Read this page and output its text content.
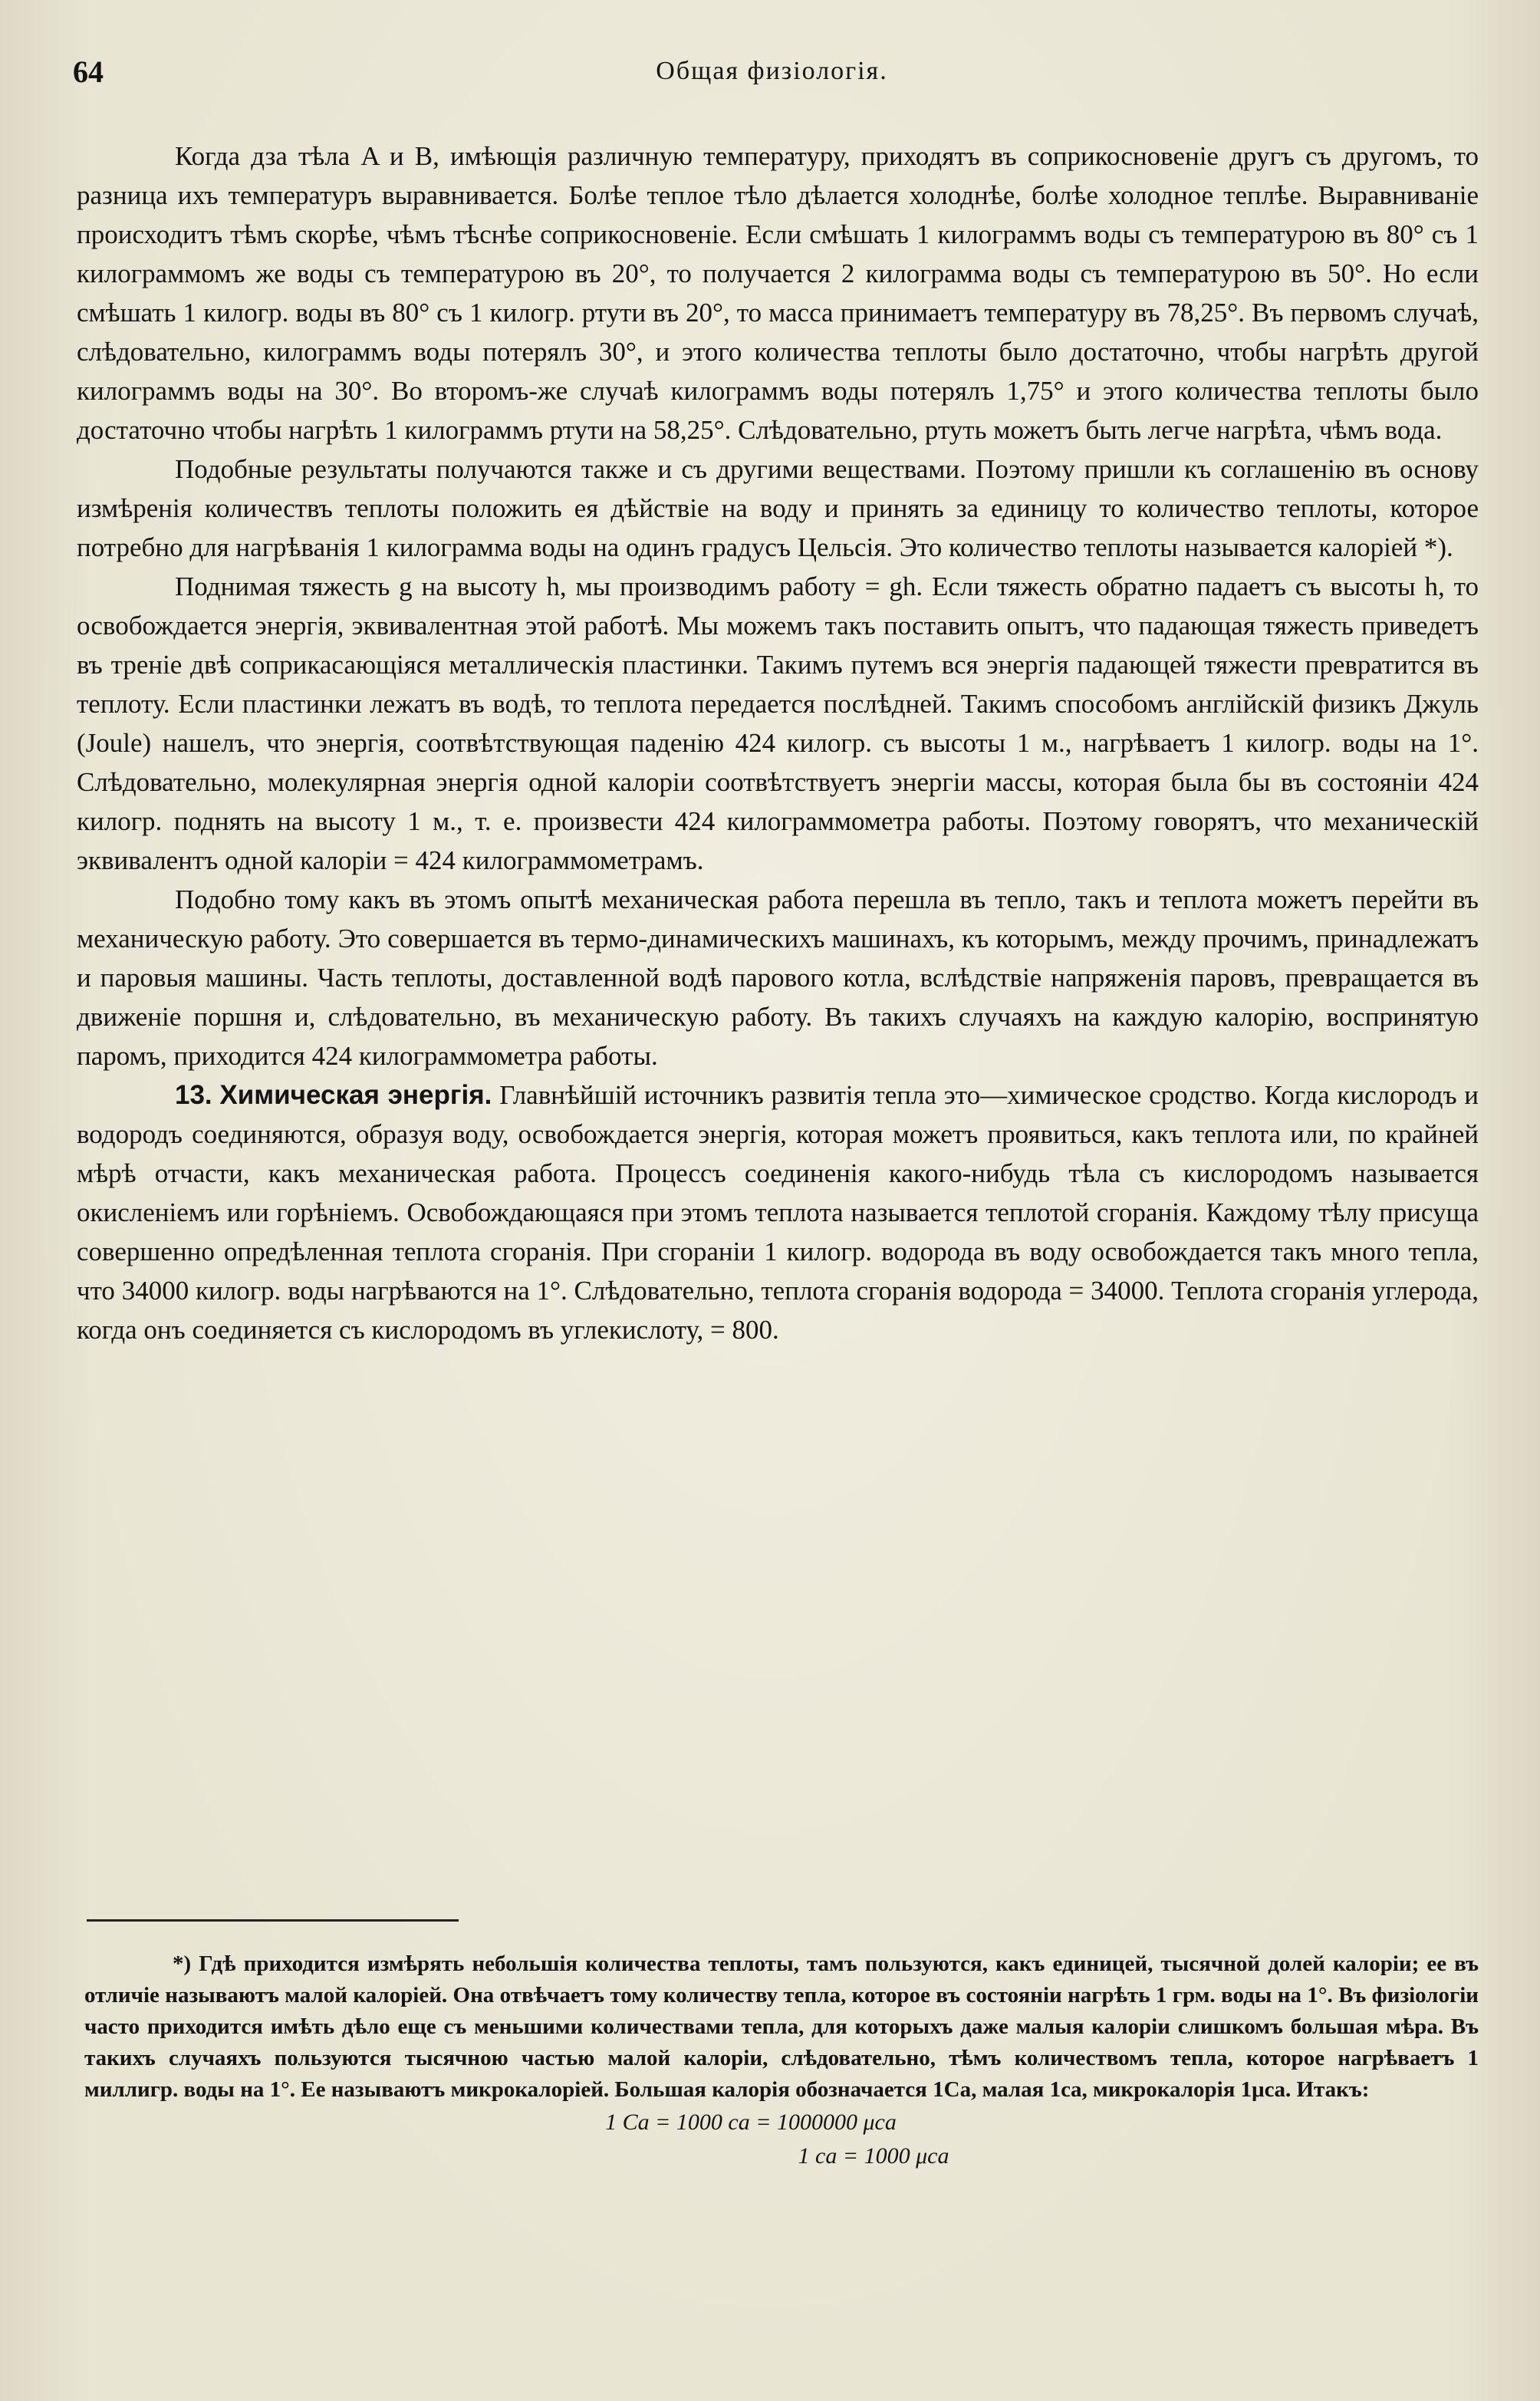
64	Общая физіологія.

Когда дза тѣла A и B, имѣющія различную температуру, приходятъ въ соприкосновеніе другъ съ другомъ, то разница ихъ температуръ выравнивается. Болѣе теплое тѣло дѣлается холоднѣе, болѣе холодное теплѣе. Выравниваніе происходитъ тѣмъ скорѣе, чѣмъ тѣснѣе соприкосновеніе. Если смѣшать 1 килограммъ воды съ температурою въ 80° съ 1 килограммомъ же воды съ температурою въ 20°, то получается 2 килограмма воды съ температурою въ 50°. Но если смѣшать 1 килогр. воды въ 80° съ 1 килогр. ртути въ 20°, то масса принимаетъ температуру въ 78,25°. Въ первомъ случаѣ, слѣдовательно, килограммъ воды потерялъ 30°, и этого количества теплоты было достаточно, чтобы нагрѣть другой килограммъ воды на 30°. Во второмъ-же случаѣ килограммъ воды потерялъ 1,75° и этого количества теплоты было достаточно чтобы нагрѣть 1 килограммъ ртути на 58,25°. Слѣдовательно, ртуть можетъ быть легче нагрѣта, чѣмъ вода.

Подобные результаты получаются также и съ другими веществами. Поэтому пришли къ соглашенію въ основу измѣренія количествъ теплоты положить ея дѣйствіе на воду и принять за единицу то количество теплоты, которое потребно для нагрѣванія 1 килограмма воды на одинъ градусъ Цельсія. Это количество теплоты называется калоріей *).

Поднимая тяжесть g на высоту h, мы производимъ работу = gh. Если тяжесть обратно падаетъ съ высоты h, то освобождается энергія, эквивалентная этой работѣ. Мы можемъ такъ поставить опытъ, что падающая тяжесть приведетъ въ треніе двѣ соприкасающіяся металлическія пластинки. Такимъ путемъ вся энергія падающей тяжести превратится въ теплоту. Если пластинки лежатъ въ водѣ, то теплота передается послѣдней. Такимъ способомъ англійскій физикъ Джуль (Joule) нашелъ, что энергія, соотвѣтствующая паденію 424 килогр. съ высоты 1 м., нагрѣваетъ 1 килогр. воды на 1°. Слѣдовательно, молекулярная энергія одной калоріи соотвѣтствуетъ энергіи массы, которая была бы въ состояніи 424 килогр. поднять на высоту 1 м., т. е. произвести 424 килограммометра работы. Поэтому говорятъ, что механическій эквивалентъ одной калоріи = 424 килограммометрамъ.

Подобно тому какъ въ этомъ опытѣ механическая работа перешла въ тепло, такъ и теплота можетъ перейти въ механическую работу. Это совершается въ термо-динамическихъ машинахъ, къ которымъ, между прочимъ, принадлежатъ и паровыя машины. Часть теплоты, доставленной водѣ парового котла, вслѣдствіе напряженія паровъ, превращается въ движеніе поршня и, слѣдовательно, въ механическую работу. Въ такихъ случаяхъ на каждую калорію, воспринятую паромъ, приходится 424 килограммометра работы.

13. Химическая энергія. Главнѣйшій источникъ развитія тепла это—химическое сродство. Когда кислородъ и водородъ соединяются, образуя воду, освобождается энергія, которая можетъ проявиться, какъ теплота или, по крайней мѣрѣ отчасти, какъ механическая работа. Процессъ соединенія какого-нибудь тѣла съ кислородомъ называется окисленіемъ или горѣніемъ. Освобождающаяся при этомъ теплота называется теплотой сгоранія. Каждому тѣлу присуща совершенно опредѣленная теплота сгоранія. При сгораніи 1 килогр. водорода въ воду освобождается такъ много тепла, что 34000 килогр. воды нагрѣваются на 1°. Слѣдовательно, теплота сгоранія водорода = 34000. Теплота сгоранія углерода, когда онъ соединяется съ кислородомъ въ углекислоту, = 800.

*) Гдѣ приходится измѣрять небольшія количества теплоты, тамъ пользуются, какъ единицей, тысячной долей калоріи; ее въ отличіе называютъ малой калоріей. Она отвѣчаетъ тому количеству тепла, которое въ состояніи нагрѣть 1 грм. воды на 1°. Въ физіологіи часто приходится имѣть дѣло еще съ меньшими количествами тепла, для которыхъ даже малыя калоріи слишкомъ большая мѣра. Въ такихъ случаяхъ пользуются тысячною частью малой калоріи, слѣдовательно, тѣмъ количествомъ тепла, которое нагрѣваетъ 1 миллигр. воды на 1°. Ее называютъ микрокалоріей. Большая калорія обозначается 1Ca, малая 1ca, микрокалорія 1μca. Итакъ:

1 Ca = 1000 ca = 1000000 μca
1 ca = 1000 μca
